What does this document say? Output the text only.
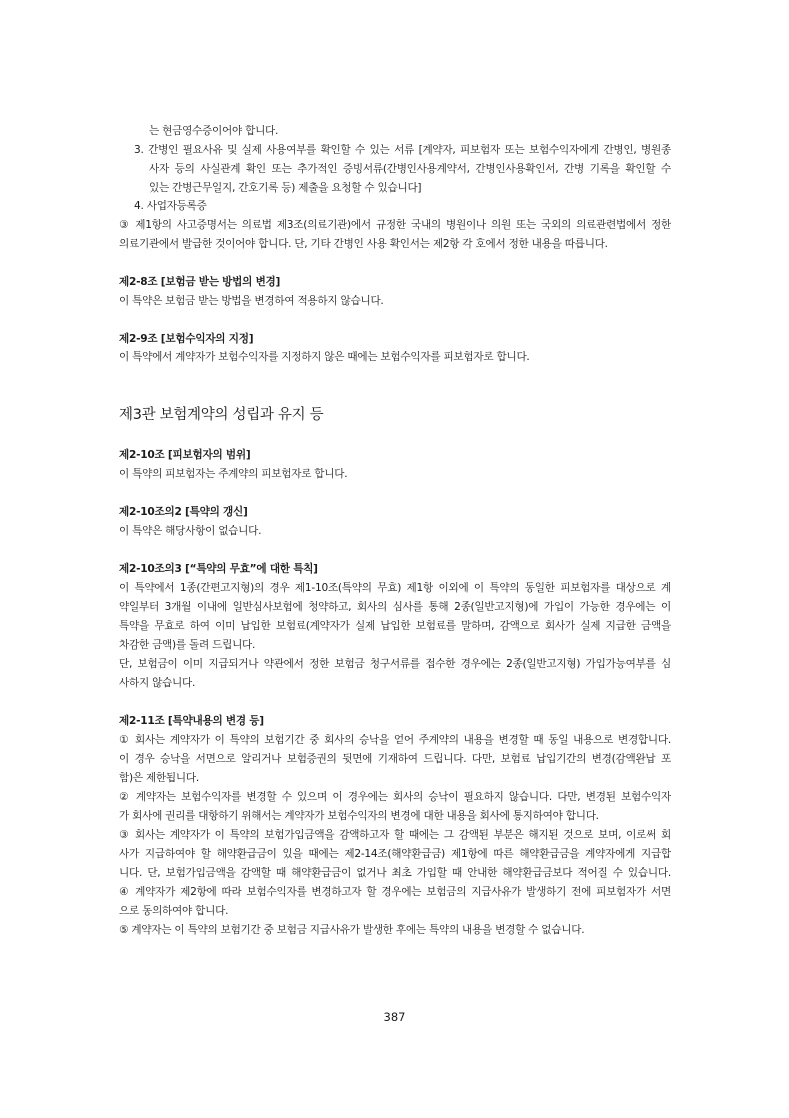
는 현금영수증이어야 합니다.
3. 간병인 필요사유 및 실제 사용여부를 확인할 수 있는 서류 [계약자, 피보험자 또는 보험수익자에게 간병인, 병원종
사자 등의 사실관계 확인 또는 추가적인 증빙서류(간병인사용계약서, 간병인사용확인서, 간병 기록을 확인할 수
있는 간병근무일지, 간호기록 등) 제출을 요청할 수 있습니다]
4. 사업자등록증
③ 제1항의 사고증명서는 의료법 제3조(의료기관)에서 규정한 국내의 병원이나 의원 또는 국외의 의료관련법에서 정한
의료기관에서 발급한 것이어야 합니다. 단, 기타 간병인 사용 확인서는 제2항 각 호에서 정한 내용을 따릅니다.
제2-8조 [보험금 받는 방법의 변경]
이 특약은 보험금 받는 방법을 변경하여 적용하지 않습니다.
제2-9조 [보험수익자의 지정]
이 특약에서 계약자가 보험수익자를 지정하지 않은 때에는 보험수익자를 피보험자로 합니다.
제3관 보험계약의 성립과 유지 등
제2-10조 [피보험자의 범위]
이 특약의 피보험자는 주계약의 피보험자로 합니다.
제2-10조의2 [특약의 갱신]
이 특약은 해당사항이 없습니다.
제2-10조의3 [“특약의 무효”에 대한 특칙]
이 특약에서 1종(간편고지형)의 경우 제1-10조(특약의 무효) 제1항 이외에 이 특약의 동일한 피보험자를 대상으로 계
약일부터 3개월 이내에 일반심사보험에 청약하고, 회사의 심사를 통해 2종(일반고지형)에 가입이 가능한 경우에는 이
특약을 무효로 하여 이미 납입한 보험료(계약자가 실제 납입한 보험료를 말하며, 감액으로 회사가 실제 지급한 금액을
차감한 금액)를 돌려 드립니다.
단, 보험금이 이미 지급되거나 약관에서 정한 보험금 청구서류를 접수한 경우에는 2종(일반고지형) 가입가능여부를 심
사하지 않습니다.
제2-11조 [특약내용의 변경 등]
① 회사는 계약자가 이 특약의 보험기간 중 회사의 승낙을 얻어 주계약의 내용을 변경할 때 동일 내용으로 변경합니다.
이 경우 승낙을 서면으로 알리거나 보험증권의 뒷면에 기재하여 드립니다. 다만, 보험료 납입기간의 변경(감액완납 포
함)은 제한됩니다.
② 계약자는 보험수익자를 변경할 수 있으며 이 경우에는 회사의 승낙이 필요하지 않습니다. 다만, 변경된 보험수익자
가 회사에 권리를 대항하기 위해서는 계약자가 보험수익자의 변경에 대한 내용을 회사에 통지하여야 합니다.
③ 회사는 계약자가 이 특약의 보험가입금액을 감액하고자 할 때에는 그 감액된 부분은 해지된 것으로 보며, 이로써 회
사가 지급하여야 할 해약환급금이 있을 때에는 제2-14조(해약환급금) 제1항에 따른 해약환급금을 계약자에게 지급합
니다. 단, 보험가입금액을 감액할 때 해약환급금이 없거나 최초 가입할 때 안내한 해약환급금보다 적어질 수 있습니다.
④ 계약자가 제2항에 따라 보험수익자를 변경하고자 할 경우에는 보험금의 지급사유가 발생하기 전에 피보험자가 서면
으로 동의하여야 합니다.
⑤ 계약자는 이 특약의 보험기간 중 보험금 지급사유가 발생한 후에는 특약의 내용을 변경할 수 없습니다.
387
